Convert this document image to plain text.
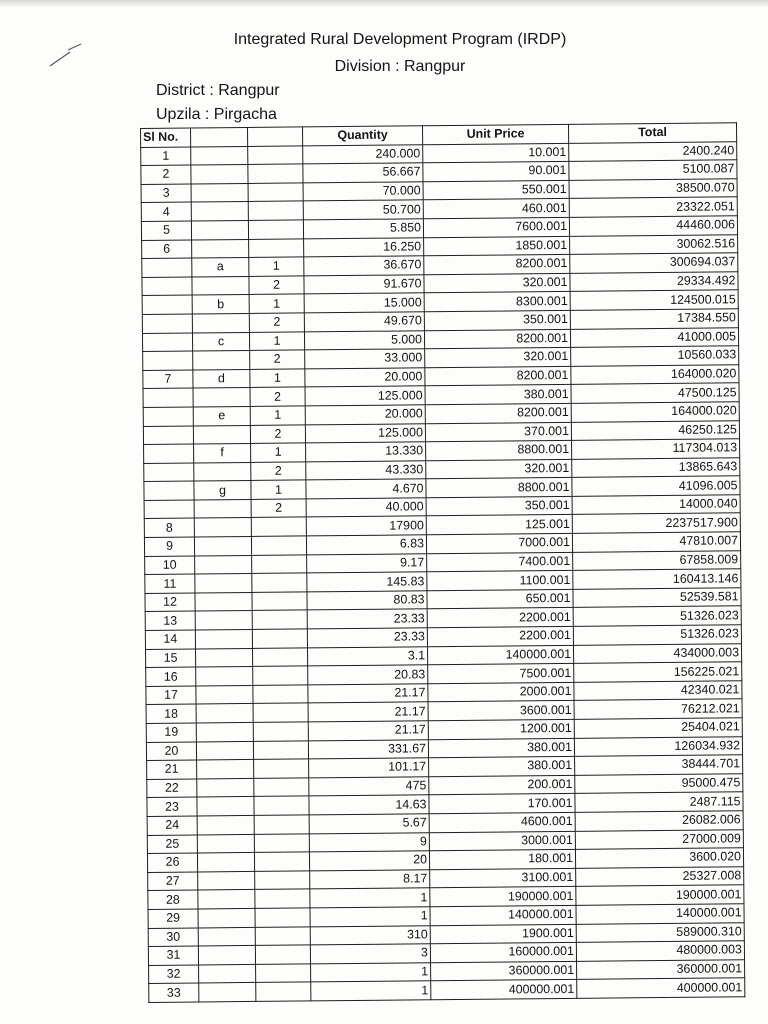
Integrated Rural Development Program (IRDP)
Division : Rangpur
District : Rangpur
Upzila : Pirgacha
Sl No.			Quantity	Unit Price	Total
1			240.000	10.001	2400.240
2			56.667	90.001	5100.087
3			70.000	550.001	38500.070
4			50.700	460.001	23322.051
5			5.850	7600.001	44460.006
6			16.250	1850.001	30062.516
	a	1	36.670	8200.001	300694.037
		2	91.670	320.001	29334.492
	b	1	15.000	8300.001	124500.015
		2	49.670	350.001	17384.550
	c	1	5.000	8200.001	41000.005
		2	33.000	320.001	10560.033
7	d	1	20.000	8200.001	164000.020
		2	125.000	380.001	47500.125
	e	1	20.000	8200.001	164000.020
		2	125.000	370.001	46250.125
	f	1	13.330	8800.001	117304.013
		2	43.330	320.001	13865.643
	g	1	4.670	8800.001	41096.005
		2	40.000	350.001	14000.040
8			17900	125.001	2237517.900
9			6.83	7000.001	47810.007
10			9.17	7400.001	67858.009
11			145.83	1100.001	160413.146
12			80.83	650.001	52539.581
13			23.33	2200.001	51326.023
14			23.33	2200.001	51326.023
15			3.1	140000.001	434000.003
16			20.83	7500.001	156225.021
17			21.17	2000.001	42340.021
18			21.17	3600.001	76212.021
19			21.17	1200.001	25404.021
20			331.67	380.001	126034.932
21			101.17	380.001	38444.701
22			475	200.001	95000.475
23			14.63	170.001	2487.115
24			5.67	4600.001	26082.006
25			9	3000.001	27000.009
26			20	180.001	3600.020
27			8.17	3100.001	25327.008
28			1	190000.001	190000.001
29			1	140000.001	140000.001
30			310	1900.001	589000.310
31			3	160000.001	480000.003
32			1	360000.001	360000.001
33			1	400000.001	400000.001
